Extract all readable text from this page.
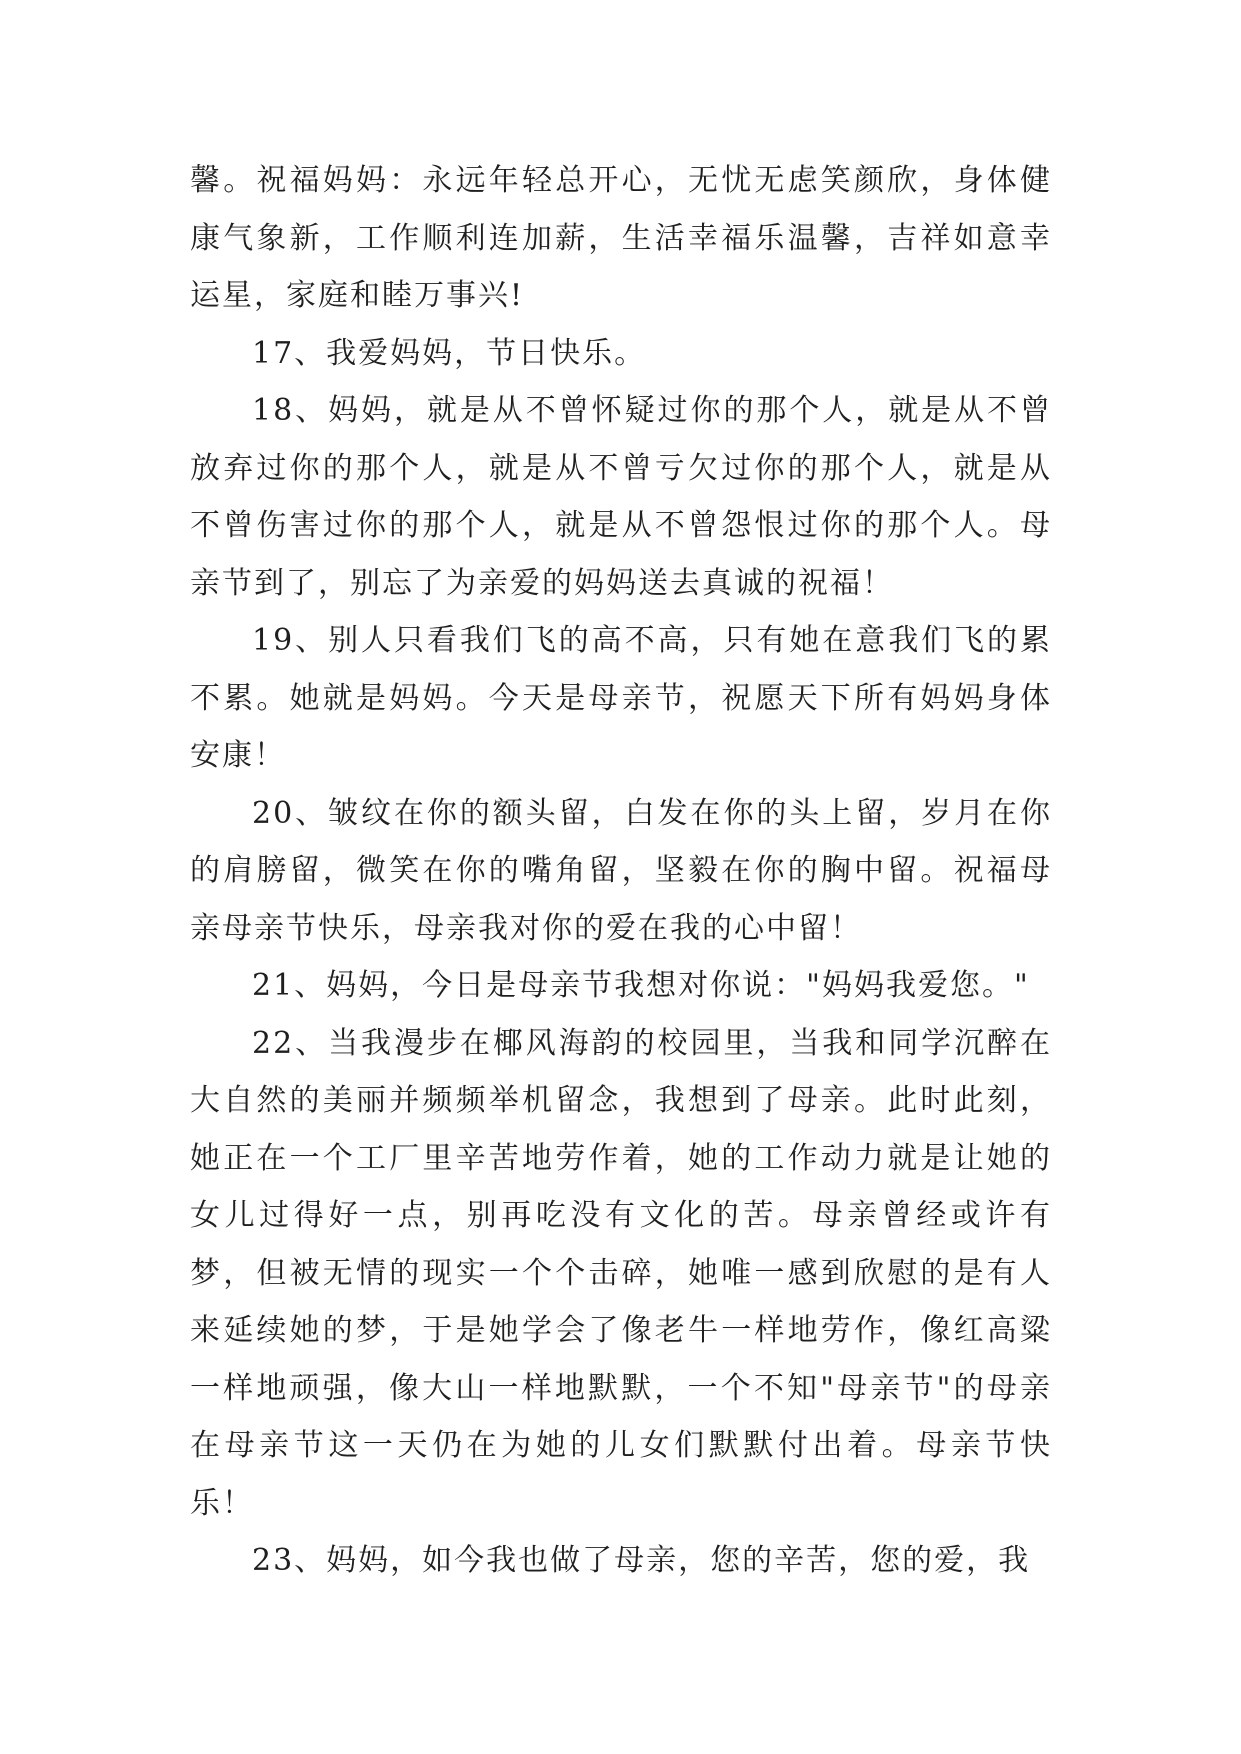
馨。祝福妈妈：永远年轻总开心，无忧无虑笑颜欣，身体健康气象新，工作顺利连加薪，生活幸福乐温馨，吉祥如意幸运星，家庭和睦万事兴!

17、我爱妈妈，节日快乐。

18、妈妈，就是从不曾怀疑过你的那个人，就是从不曾放弃过你的那个人，就是从不曾亏欠过你的那个人，就是从不曾伤害过你的那个人，就是从不曾怨恨过你的那个人。母亲节到了，别忘了为亲爱的妈妈送去真诚的祝福！

19、别人只看我们飞的高不高，只有她在意我们飞的累不累。她就是妈妈。今天是母亲节，祝愿天下所有妈妈身体安康！

20、皱纹在你的额头留，白发在你的头上留，岁月在你的肩膀留，微笑在你的嘴角留，坚毅在你的胸中留。祝福母亲母亲节快乐，母亲我对你的爱在我的心中留！

21、妈妈，今日是母亲节我想对你说："妈妈我爱您。"

22、当我漫步在椰风海韵的校园里，当我和同学沉醉在大自然的美丽并频频举机留念，我想到了母亲。此时此刻，她正在一个工厂里辛苦地劳作着，她的工作动力就是让她的女儿过得好一点，别再吃没有文化的苦。母亲曾经或许有梦，但被无情的现实一个个击碎，她唯一感到欣慰的是有人来延续她的梦，于是她学会了像老牛一样地劳作，像红高粱一样地顽强，像大山一样地默默，一个不知"母亲节"的母亲在母亲节这一天仍在为她的儿女们默默付出着。母亲节快乐！

23、妈妈，如今我也做了母亲，您的辛苦，您的爱，我
